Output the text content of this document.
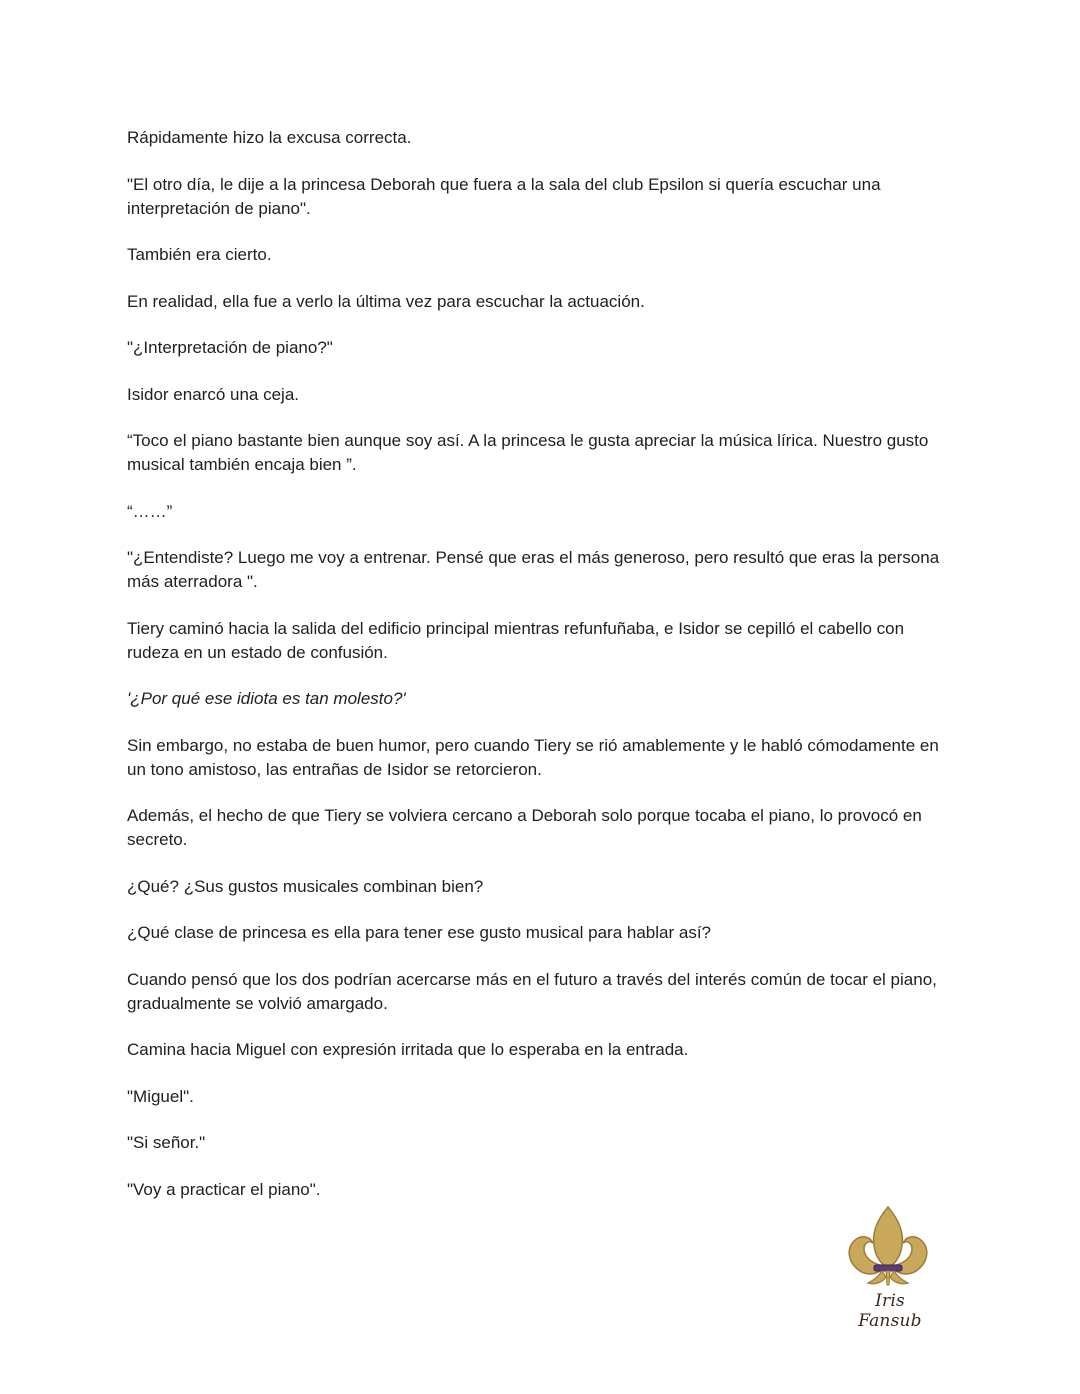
Rápidamente hizo la excusa correcta.

"El otro día, le dije a la princesa Deborah que fuera a la sala del club Epsilon si quería escuchar una interpretación de piano".

También era cierto.

En realidad, ella fue a verlo la última vez para escuchar la actuación.

"¿Interpretación de piano?"

Isidor enarcó una ceja.

“Toco el piano bastante bien aunque soy así. A la princesa le gusta apreciar la música lírica. Nuestro gusto musical también encaja bien ”.

“……”

"¿Entendiste? Luego me voy a entrenar. Pensé que eras el más generoso, pero resultó que eras la persona más aterradora ".

Tiery caminó hacia la salida del edificio principal mientras refunfuñaba, e Isidor se cepilló el cabello con rudeza en un estado de confusión.

'¿Por qué ese idiota es tan molesto?'

Sin embargo, no estaba de buen humor, pero cuando Tiery se rió amablemente y le habló cómodamente en un tono amistoso, las entrañas de Isidor se retorcieron.

Además, el hecho de que Tiery se volviera cercano a Deborah solo porque tocaba el piano, lo provocó en secreto.

¿Qué? ¿Sus gustos musicales combinan bien?

¿Qué clase de princesa es ella para tener ese gusto musical para hablar así?

Cuando pensó que los dos podrían acercarse más en el futuro a través del interés común de tocar el piano, gradualmente se volvió amargado.

Camina hacia Miguel con expresión irritada que lo esperaba en la entrada.

"Miguel".

"Si señor."

"Voy a practicar el piano".

Iris Fansub
